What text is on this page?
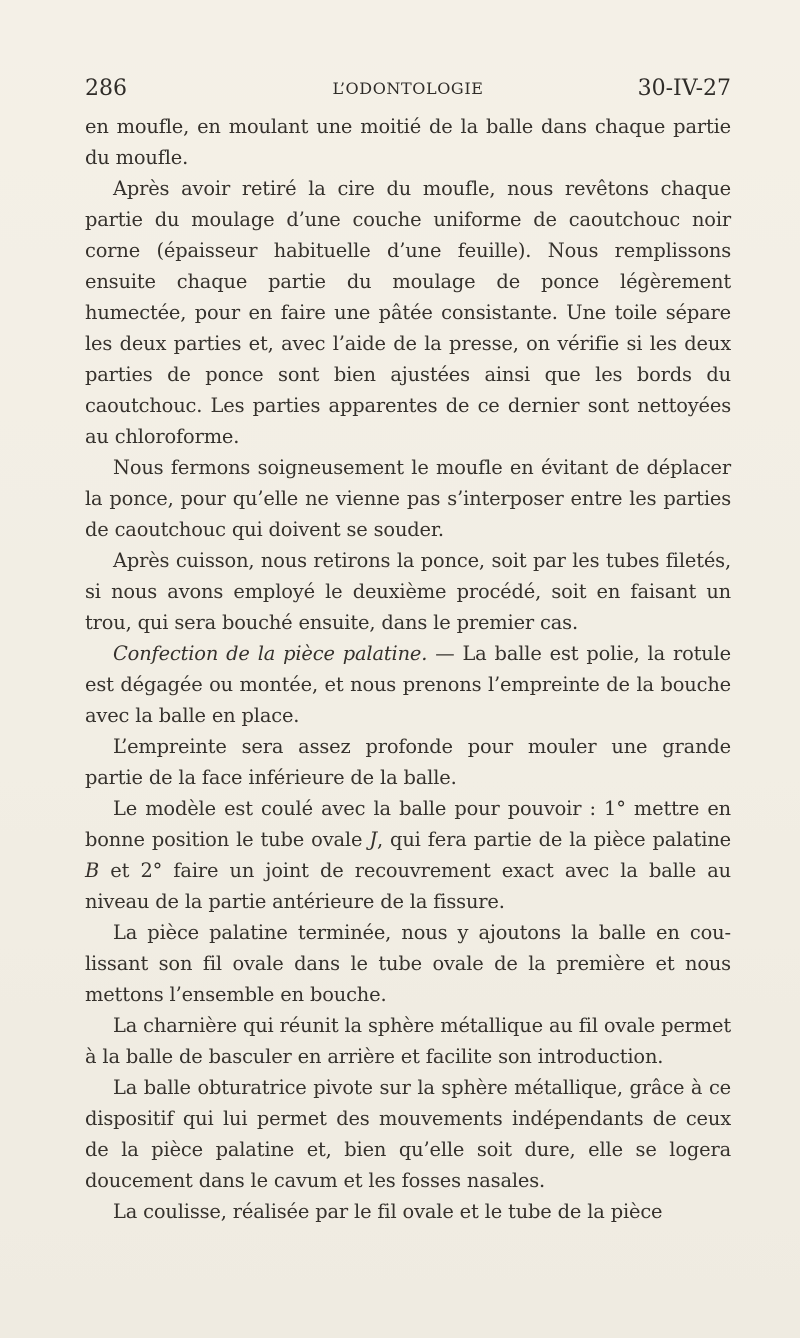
286	L’ODONTOLOGIE	30-IV-27

en moufle, en moulant une moitié de la balle dans chaque partie du moufle.

Après avoir retiré la cire du moufle, nous revêtons chaque partie du moulage d’une couche uniforme de caoutchouc noir corne (épaisseur habituelle d’une feuille). Nous remplissons ensuite chaque partie du moulage de ponce légèrement humectée, pour en faire une pâtée consistante. Une toile sépare les deux parties et, avec l’aide de la presse, on vérifie si les deux parties de ponce sont bien ajustées ainsi que les bords du caoutchouc. Les parties apparentes de ce dernier sont nettoyées au chloroforme.

Nous fermons soigneusement le moufle en évitant de déplacer la ponce, pour qu’elle ne vienne pas s’interposer entre les parties de caoutchouc qui doivent se souder.

Après cuisson, nous retirons la ponce, soit par les tubes filetés, si nous avons employé le deuxième procédé, soit en faisant un trou, qui sera bouché ensuite, dans le premier cas.

Confection de la pièce palatine. — La balle est polie, la rotule est dégagée ou montée, et nous prenons l’empreinte de la bouche avec la balle en place.

L’empreinte sera assez profonde pour mouler une grande partie de la face inférieure de la balle.

Le modèle est coulé avec la balle pour pouvoir : 1° mettre en bonne position le tube ovale J, qui fera partie de la pièce palatine B et 2° faire un joint de recouvrement exact avec la balle au niveau de la partie antérieure de la fissure.

La pièce palatine terminée, nous y ajoutons la balle en coulissant son fil ovale dans le tube ovale de la première et nous mettons l’ensemble en bouche.

La charnière qui réunit la sphère métallique au fil ovale permet à la balle de basculer en arrière et facilite son introduction.

La balle obturatrice pivote sur la sphère métallique, grâce à ce dispositif qui lui permet des mouvements indépendants de ceux de la pièce palatine et, bien qu’elle soit dure, elle se logera doucement dans le cavum et les fosses nasales.

La coulisse, réalisée par le fil ovale et le tube de la pièce
